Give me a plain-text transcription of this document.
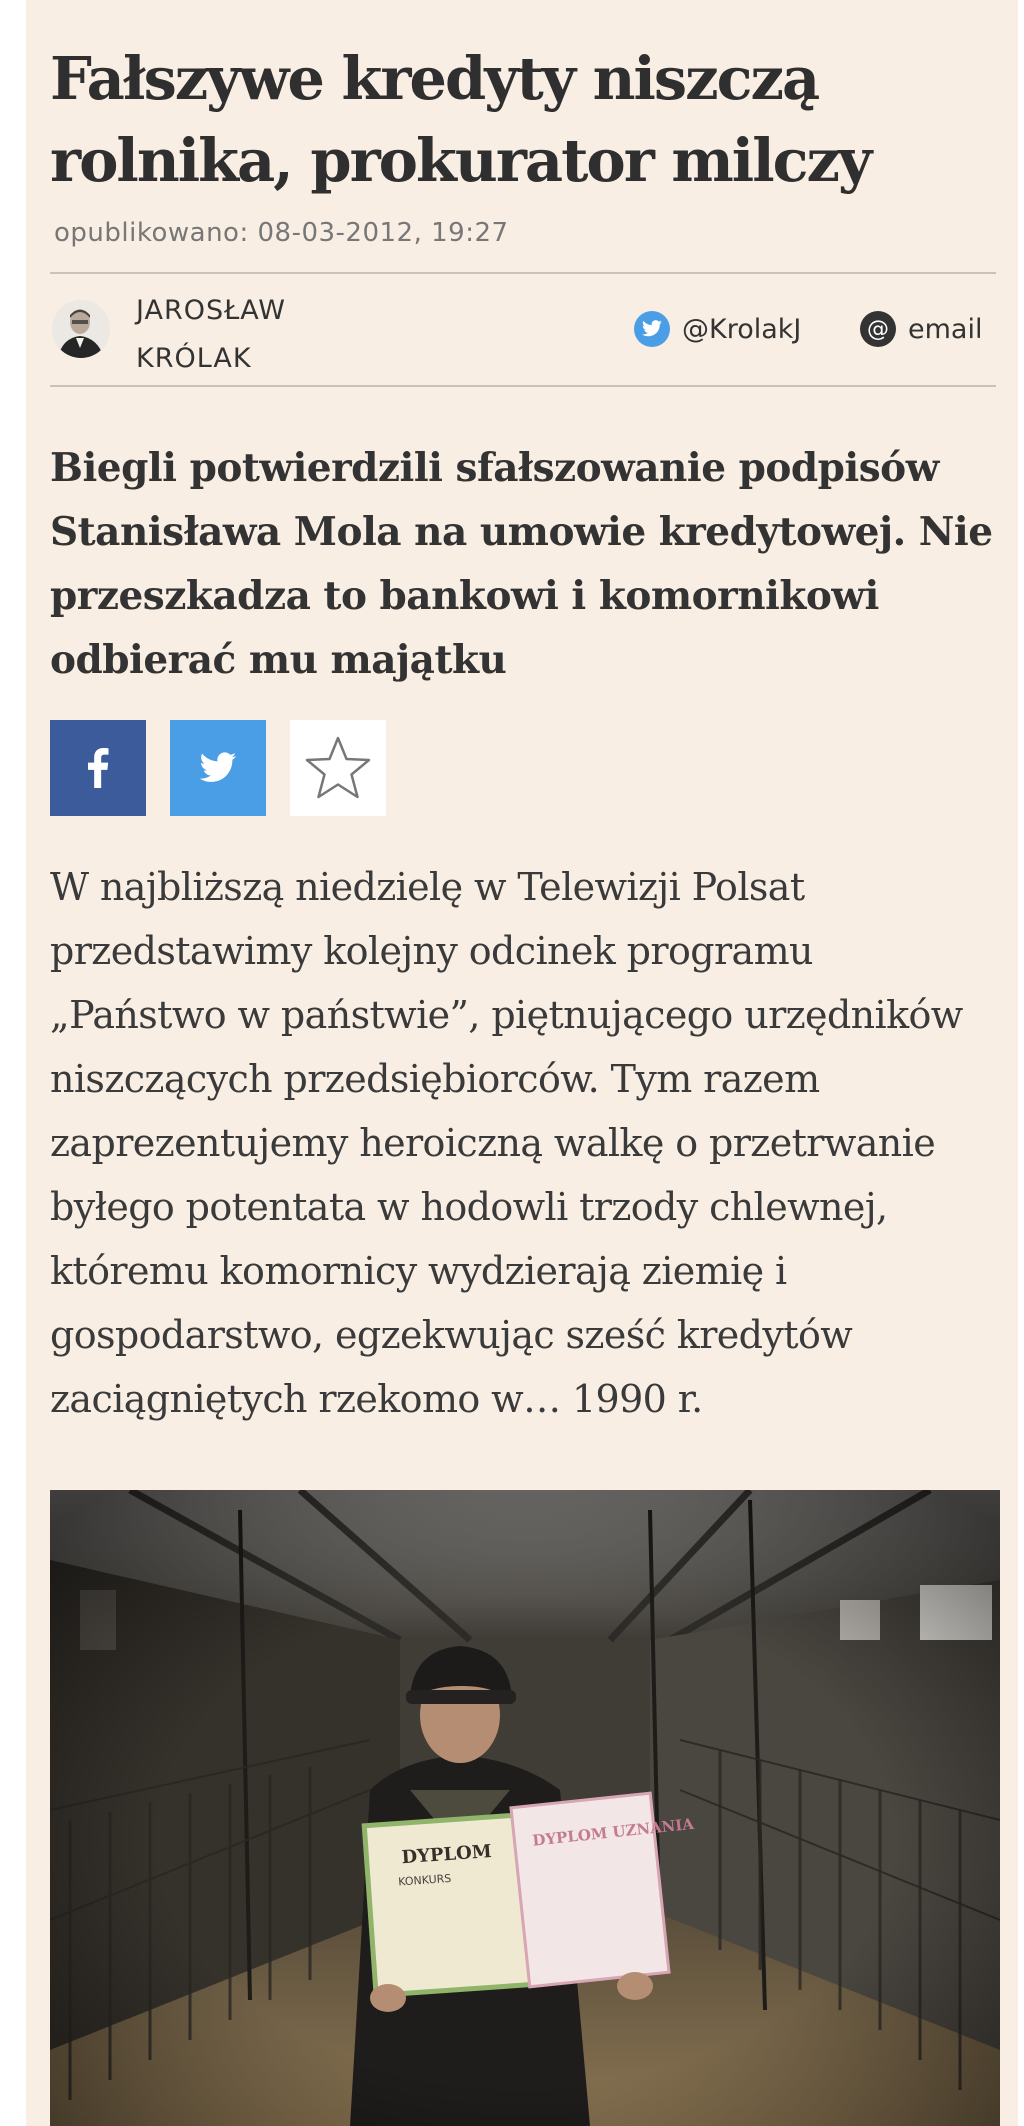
Fałszywe kredyty niszczą rolnika, prokurator milczy
opublikowano: 08-03-2012, 19:27
JAROSŁAW
KRÓLAK
@KrolakJ	@ email

Biegli potwierdzili sfałszowanie podpisów Stanisława Mola na umowie kredytowej. Nie przeszkadza to bankowi i komornikowi odbierać mu majątku

W najbliższą niedzielę w Telewizji Polsat przedstawimy kolejny odcinek programu „Państwo w państwie”, piętnującego urzędników niszczących przedsiębiorców. Tym razem zaprezentujemy heroiczną walkę o przetrwanie byłego potentata w hodowli trzody chlewnej, któremu komornicy wydzierają ziemię i gospodarstwo, egzekwując sześć kredytów zaciągniętych rzekomo w… 1990 r.
